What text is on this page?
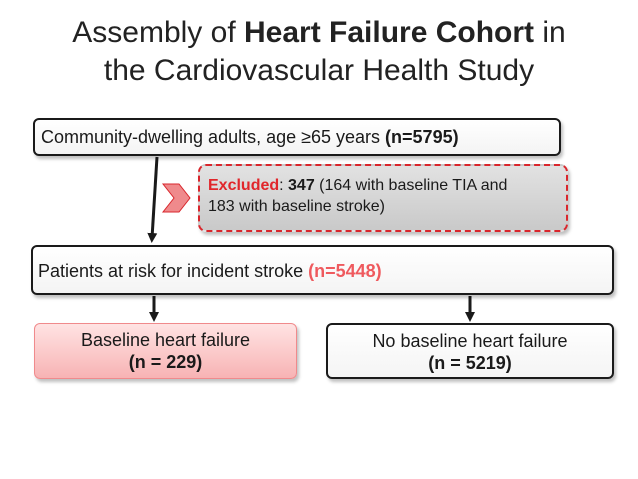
Assembly of Heart Failure Cohort in
the Cardiovascular Health Study
Community-dwelling adults, age ≥65 years (n=5795)
Excluded: 347 (164 with baseline TIA and
183 with baseline stroke)
Patients at risk for incident stroke (n=5448)
Baseline heart failure
(n = 229)
No baseline heart failure
(n = 5219)
